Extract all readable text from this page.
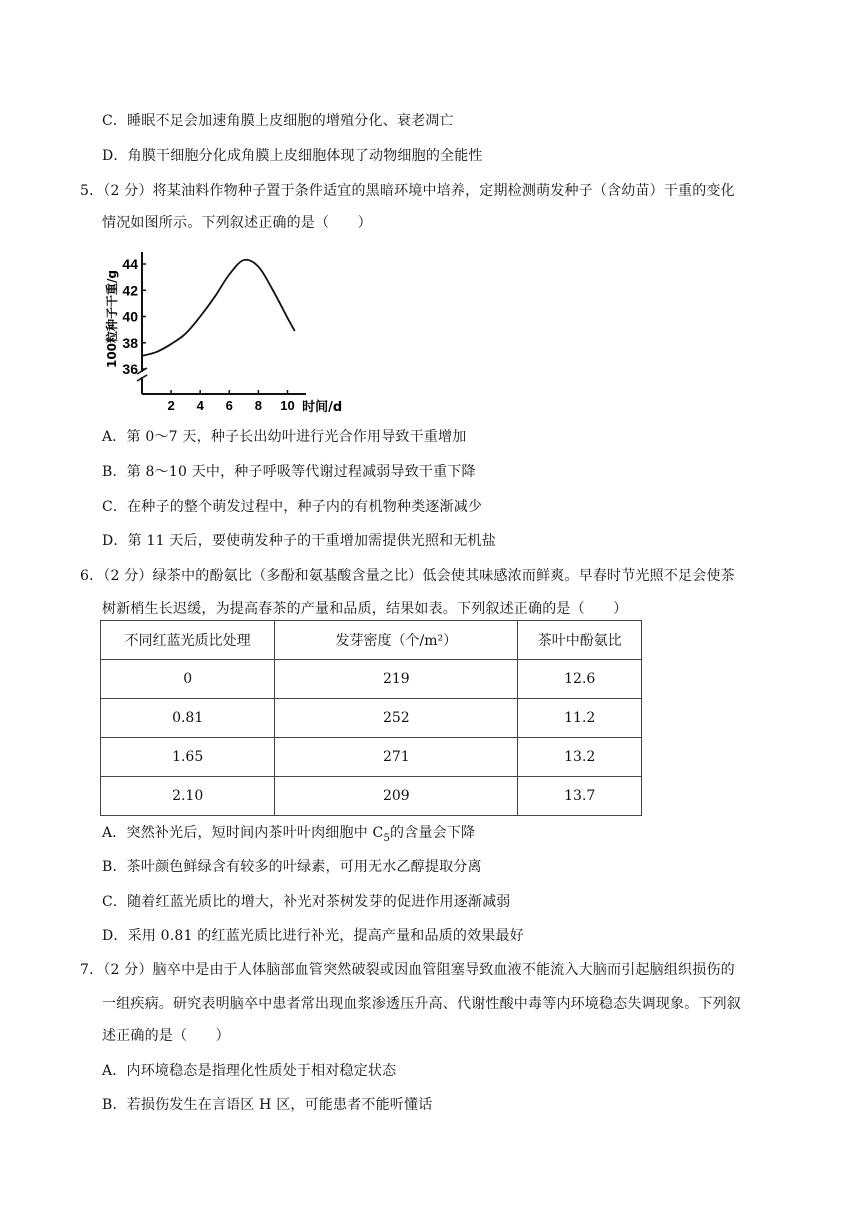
C．睡眠不足会加速角膜上皮细胞的增殖分化、衰老凋亡
D．角膜干细胞分化成角膜上皮细胞体现了动物细胞的全能性
5．（2 分）将某油料作物种子置于条件适宜的黑暗环境中培养，定期检测萌发种子（含幼苗）干重的变化
情况如图所示。下列叙述正确的是（　　）
36
38
40
42
44
2 4 6 8 10 时间/d
100粒种子干重/g
A．第 0～7 天，种子长出幼叶进行光合作用导致干重增加
B．第 8～10 天中，种子呼吸等代谢过程减弱导致干重下降
C．在种子的整个萌发过程中，种子内的有机物种类逐渐减少
D．第 11 天后，要使萌发种子的干重增加需提供光照和无机盐
6．（2 分）绿茶中的酚氨比（多酚和氨基酸含量之比）低会使其味感浓而鲜爽。早春时节光照不足会使茶
树新梢生长迟缓，为提高春茶的产量和品质，结果如表。下列叙述正确的是（　　）
不同红蓝光质比处理	发芽密度（个/m²）	茶叶中酚氨比
0	219	12.6
0.81	252	11.2
1.65	271	13.2
2.10	209	13.7
A．突然补光后，短时间内茶叶叶肉细胞中 $C_5$的含量会下降
B．茶叶颜色鲜绿含有较多的叶绿素，可用无水乙醇提取分离
C．随着红蓝光质比的增大，补光对茶树发芽的促进作用逐渐减弱
D．采用 0.81 的红蓝光质比进行补光，提高产量和品质的效果最好
7．（2 分）脑卒中是由于人体脑部血管突然破裂或因血管阻塞导致血液不能流入大脑而引起脑组织损伤的
一组疾病。研究表明脑卒中患者常出现血浆渗透压升高、代谢性酸中毒等内环境稳态失调现象。下列叙
述正确的是（　　）
A．内环境稳态是指理化性质处于相对稳定状态
B．若损伤发生在言语区 H 区，可能患者不能听懂话
